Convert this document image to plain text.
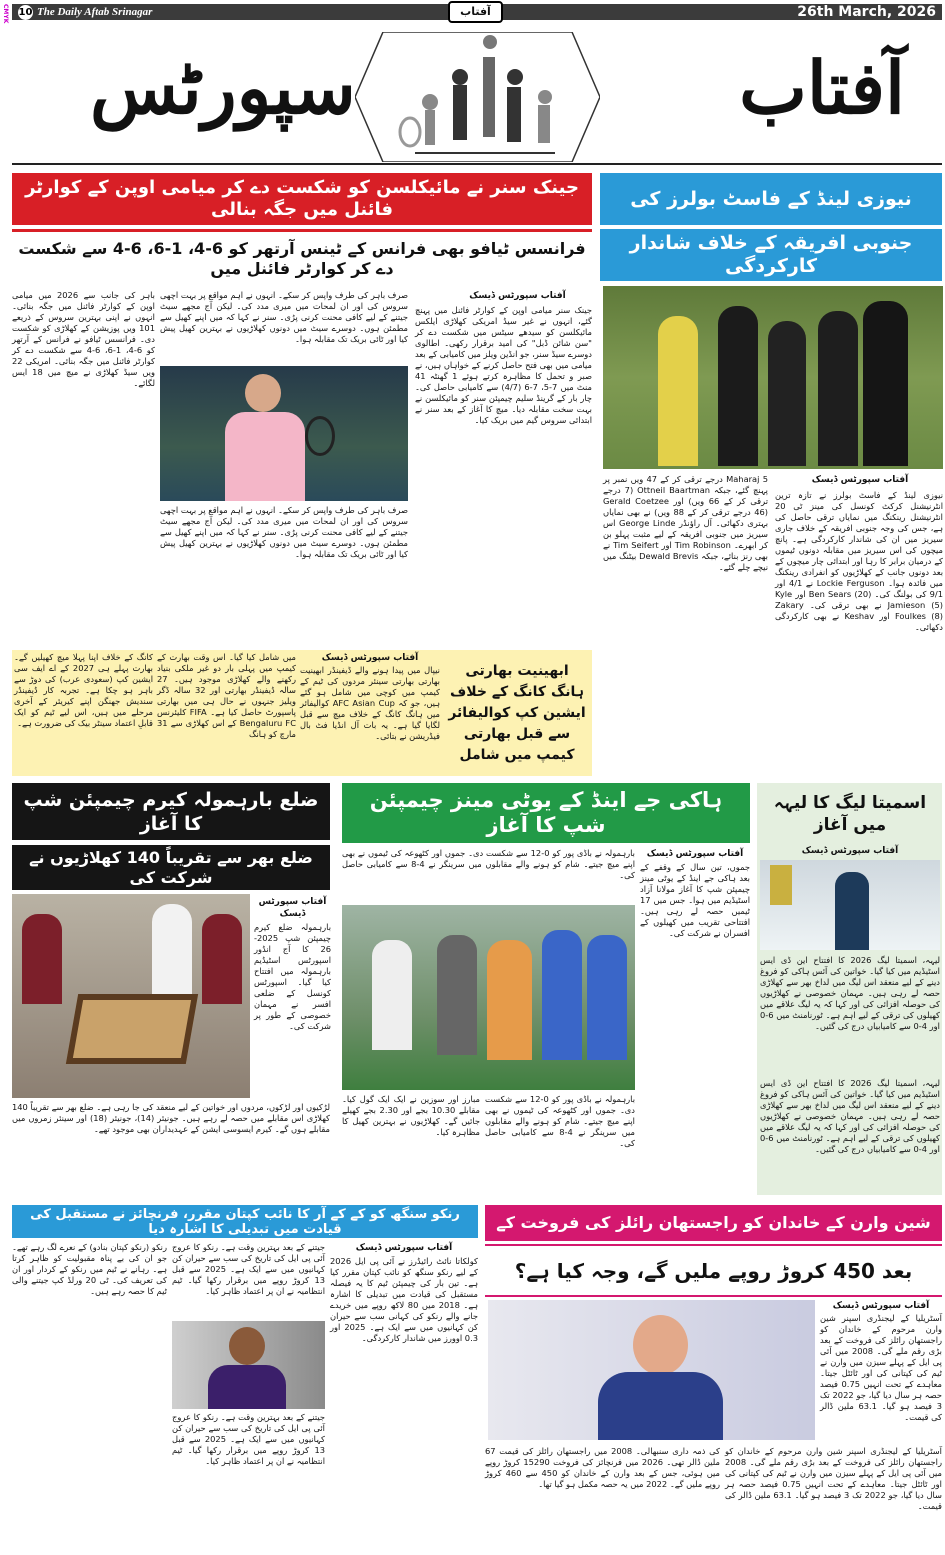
CMYK 10 The Daily Aftab Srinagar	26th March, 2026
آفتاب
آفتاب
سپورٹس
جینک سنر نے مائیکلسن کو شکست دے کر میامی اوپن کے کوارٹر فائنل میں جگہ بنالی
فرانسس ٹیافو بھی فرانس کے ٹینس آرتھر کو 6-4، 1-6، 6-4 سے شکست دے کر کوارٹر فائنل میں
آفتاب سپورٹس ڈیسک
جینک سنر میامی اوپن کے کوارٹر فائنل میں پہنچ گئے، انہوں نے غیر سیڈ امریکی کھلاڑی ایلکس مائیکلسن کو سیدھے سیٹس میں شکست دے کر "سن شائن ڈبل" کی امید برقرار رکھی۔ اطالوی دوسرے سیڈ سنر، جو انڈین ویلز میں کامیابی کے بعد میامی میں بھی فتح حاصل کرنے کے خواہاں ہیں، نے صبر و تحمل کا مظاہرہ کرتے ہوئے 1 گھنٹہ 41 منٹ میں 7-5، 7-6 (4/7) سے کامیابی حاصل کی۔ چار بار کے گرینڈ سلیم چیمپئن سنر کو مائیکلسن نے بہت سخت مقابلہ دیا۔ میچ کا آغاز کے بعد سنر نے ابتدائی سروس گیم میں بریک کیا۔
صرف باہر کی طرف واپس کر سکے۔ انہوں نے اہم مواقع پر بہت اچھی سروس کی اور ان لمحات میں میری مدد کی۔ لیکن آج مجھے سیٹ جیتنے کے لیے کافی محنت کرنی پڑی۔ سنر نے کہا کہ میں اپنے کھیل سے مطمئن ہوں۔ دوسرے سیٹ میں دونوں کھلاڑیوں نے بہترین کھیل پیش کیا اور ٹائی بریک تک مقابلہ ہوا۔
صرف باہر کی طرف واپس کر سکے۔ انہوں نے اہم مواقع پر بہت اچھی سروس کی اور ان لمحات میں میری مدد کی۔ لیکن آج مجھے سیٹ جیتنے کے لیے کافی محنت کرنی پڑی۔ سنر نے کہا کہ میں اپنے کھیل سے مطمئن ہوں۔ دوسرے سیٹ میں دونوں کھلاڑیوں نے بہترین کھیل پیش کیا اور ٹائی بریک تک مقابلہ ہوا۔
باہر کی جانب سے 2026 میں میامی اوپن کے کوارٹر فائنل میں جگہ بنائی۔ انہوں نے اپنی بہترین سروس کے ذریعے 101 ویں پوزیشن کے کھلاڑی کو شکست دی۔ فرانسس ٹیافو نے فرانس کے آرتھر کو 6-4، 1-6، 6-4 سے شکست دے کر کوارٹر فائنل میں جگہ بنائی۔ امریکی 22 ویں سیڈ کھلاڑی نے میچ میں 18 ایس لگائے۔
نیوزی لینڈ کے فاسٹ بولرز کی
جنوبی افریقہ کے خلاف شاندار کارکردگی
آفتاب سپورٹس ڈیسک
نیوزی لینڈ کے فاسٹ بولرز نے تازہ ترین انٹرنیشنل کرکٹ کونسل کی مینز ٹی 20 انٹرنیشنل رینکنگ میں نمایاں ترقی حاصل کی ہے، جس کی وجہ جنوبی افریقہ کے خلاف جاری سیریز میں ان کی شاندار کارکردگی ہے۔ پانچ میچوں کی اس سیریز میں مقابلہ دونوں ٹیموں کے درمیان برابر کا رہا اور ابتدائی چار میچوں کے بعد دونوں جانب کے کھلاڑیوں کو انفرادی رینکنگ میں فائدہ ہوا۔ Lockie Ferguson نے 4/1 اور 9/1 کی بولنگ کی۔ Ben Sears (20) اور Kyle Jamieson (5) نے بھی ترقی کی۔ Zakary Foulkes (8) اور Keshav نے بھی کارکردگی دکھائی۔
Maharaj 5 درجے ترقی کر کے 47 ویں نمبر پر پہنچ گئے، جبکہ Ottneil Baartman (7 درجے ترقی کر کے 66 ویں) اور Gerald Coetzee (46 درجے ترقی کر کے 88 ویں) نے بھی نمایاں بہتری دکھائی۔ آل راؤنڈر George Linde اس سیریز میں جنوبی افریقہ کے لیے مثبت پہلو بن کر ابھرے۔ Tim Robinson اور Tim Seifert نے بھی رنز بنائے، جبکہ Dewald Brevis بیٹنگ میں نیچے چلے گئے۔
ابھینیت بھارتی ہانگ کانگ کے خلاف ایشین کپ کوالیفائر سے قبل بھارتی کیمپ میں شامل
آفتاب سپورٹس ڈیسک
نیپال میں پیدا ہونے والے ڈیفینڈر ابھینیت بھارتی بھارتی سینئر مردوں کی ٹیم کے کیمپ میں کوچی میں شامل ہو گئے ہیں، جو کہ AFC Asian Cup کوالیفائر میں ہانگ کانگ کے خلاف میچ سے قبل لگایا گیا ہے۔ یہ بات آل انڈیا فٹ بال فیڈریشن نے بتائی۔
میں شامل کیا گیا۔ اس وقت بھارت کے کیمپ میں پہلی بار دو غیر ملکی بنیاد رکھنے والے کھلاڑی موجود ہیں۔ 27 سالہ ڈیفینڈر بھارتی اور 32 سالہ ڈگر ویلیز جنہوں نے حال ہی میں بھارتی پاسپورٹ حاصل کیا ہے۔ FIFA کلیئرنس Bengaluru FC کے اس کھلاڑی سے 31 مارچ کو ہانگ
کانگ کے خلاف اپنا پہلا میچ کھیلیں گے۔ بھارت پہلے ہی 2027 کے اے ایف سی ایشین کپ (سعودی عرب) کی دوڑ سے باہر ہو چکا ہے۔ تجربہ کار ڈیفینڈر سندیش جھنگن اپنے کیریئر کے آخری مرحلے میں ہیں، اس لیے ٹیم کو ایک قابلِ اعتماد سینٹر بیک کی ضرورت ہے۔
ضلع بارہمولہ کیرم چیمپئن شپ کا آغاز
ضلع بھر سے تقریباً 140 کھلاڑیوں نے شرکت کی
آفتاب سپورٹس ڈیسک
بارہمولہ ضلع کیرم چیمپئن شپ 2025-26 کا آج انڈور اسپورٹس اسٹیڈیم بارہمولہ میں افتتاح کیا گیا۔ اسپورٹس کونسل کے ضلعی افسر نے مہمان خصوصی کے طور پر شرکت کی۔
لڑکیوں اور لڑکوں، مردوں اور خواتین کے لیے منعقد کی جا رہی ہے۔ ضلع بھر سے تقریباً 140 کھلاڑی اس مقابلے میں حصہ لے رہے ہیں۔ جونیئر (14)، جونیئر (18) اور سینئر زمروں میں مقابلے ہوں گے۔ کیرم ایسوسی ایشن کے عہدیداران بھی موجود تھے۔
ہاکی جے اینڈ کے یوٹی مینز چیمپئن شپ کا آغاز
آفتاب سپورٹس ڈیسک
جموں، تین سال کے وقفے کے بعد ہاکی جے اینڈ کے یوٹی مینز چیمپئن شپ کا آغاز مولانا آزاد اسٹیڈیم میں ہوا۔ جس میں 17 ٹیمیں حصہ لے رہی ہیں۔ افتتاحی تقریب میں کھیلوں کے افسران نے شرکت کی۔
بارہمولہ نے باڈی پور کو 0-12 سے شکست دی۔ جموں اور کٹھوعہ کی ٹیموں نے بھی اپنے میچ جیتے۔ شام کو ہونے والے مقابلوں میں سرینگر نے 4-8 سے کامیابی حاصل کی۔
مبارز اور سوزین نے ایک ایک گول کیا۔ مقابلے 10.30 بجے اور 2.30 بجے کھیلے جائیں گے۔ کھلاڑیوں نے بہترین کھیل کا مظاہرہ کیا۔
بارہمولہ نے باڈی پور کو 0-12 سے شکست دی۔ جموں اور کٹھوعہ کی ٹیموں نے بھی اپنے میچ جیتے۔ شام کو ہونے والے مقابلوں میں سرینگر نے 4-8 سے کامیابی حاصل کی۔
اسمیتا لیگ کا لیہہ میں آغاز
آفتاب سپورٹس ڈیسک
لیہہ، اسمیتا لیگ 2026 کا افتتاح این ڈی ایس اسٹیڈیم میں کیا گیا۔ خواتین کی آئس ہاکی کو فروغ دینے کے لیے منعقد اس لیگ میں لداخ بھر سے کھلاڑی حصہ لے رہی ہیں۔ مہمان خصوصی نے کھلاڑیوں کی حوصلہ افزائی کی اور کہا کہ یہ لیگ علاقے میں کھیلوں کی ترقی کے لیے اہم ہے۔ ٹورنامنٹ میں 6-0 اور 4-0 سے کامیابیاں درج کی گئیں۔
لیہہ، اسمیتا لیگ 2026 کا افتتاح این ڈی ایس اسٹیڈیم میں کیا گیا۔ خواتین کی آئس ہاکی کو فروغ دینے کے لیے منعقد اس لیگ میں لداخ بھر سے کھلاڑی حصہ لے رہی ہیں۔ مہمان خصوصی نے کھلاڑیوں کی حوصلہ افزائی کی اور کہا کہ یہ لیگ علاقے میں کھیلوں کی ترقی کے لیے اہم ہے۔ ٹورنامنٹ میں 6-0 اور 4-0 سے کامیابیاں درج کی گئیں۔
رنکو سنگھ کو کے کے آر کا نائب کپتان مقرر، فرنچائز نے مستقبل کی قیادت میں تبدیلی کا اشارہ دیا
آفتاب سپورٹس ڈیسک
کولکاتا نائٹ رائیڈرز نے آئی پی ایل 2026 کے لیے رنکو سنگھ کو نائب کپتان مقرر کیا ہے۔ تین بار کی چیمپئن ٹیم کا یہ فیصلہ مستقبل کی قیادت میں تبدیلی کا اشارہ ہے۔ 2018 میں 80 لاکھ روپے میں خریدے جانے والے رنکو کی کہانی سب سے حیران کن کہانیوں میں سے ایک ہے۔ 2025 اور 0.3 اوورز میں شاندار کارکردگی۔
جیتنے کے بعد بہترین وقت ہے۔ رنکو کا عروج آئی پی ایل کی تاریخ کی سب سے حیران کن کہانیوں میں سے ایک ہے۔ 2025 سے قبل 13 کروڑ روپے میں برقرار رکھا گیا۔ ٹیم انتظامیہ نے ان پر اعتماد ظاہر کیا۔
جیتنے کے بعد بہترین وقت ہے۔ رنکو کا عروج آئی پی ایل کی تاریخ کی سب سے حیران کن کہانیوں میں سے ایک ہے۔ 2025 سے قبل 13 کروڑ روپے میں برقرار رکھا گیا۔ ٹیم انتظامیہ نے ان پر اعتماد ظاہر کیا۔
رنکو (رنکو کپتان بنادو) کے نعرے لگ رہے تھے۔ جو ان کی بے پناہ مقبولیت کو ظاہر کرتا ہے۔ رہانے نے ٹیم میں رنکو کے کردار اور ان کی تعریف کی۔ ٹی 20 ورلڈ کپ جیتنے والی ٹیم کا حصہ رہے ہیں۔
شین وارن کے خاندان کو راجستھان رائلز کی فروخت کے
بعد 450 کروڑ روپے ملیں گے، وجہ کیا ہے؟
آفتاب سپورٹس ڈیسک
آسٹریلیا کے لیجنڈری اسپنر شین وارن مرحوم کے خاندان کو راجستھان رائلز کی فروخت کے بعد بڑی رقم ملے گی۔ 2008 میں آئی پی ایل کے پہلے سیزن میں وارن نے ٹیم کی کپتانی کی اور ٹائٹل جیتا۔ معاہدے کے تحت انہیں 0.75 فیصد حصہ ہر سال دیا گیا، جو 2022 تک 3 فیصد ہو گیا۔ 63.1 ملین ڈالر کی قیمت۔
آسٹریلیا کے لیجنڈری اسپنر شین وارن مرحوم کے خاندان کو راجستھان رائلز کی فروخت کے بعد بڑی رقم ملے گی۔ 2008 میں آئی پی ایل کے پہلے سیزن میں وارن نے ٹیم کی کپتانی کی اور ٹائٹل جیتا۔ معاہدے کے تحت انہیں 0.75 فیصد حصہ ہر سال دیا گیا، جو 2022 تک 3 فیصد ہو گیا۔ 63.1 ملین ڈالر کی قیمت۔
کی ذمہ داری سنبھالی۔ 2008 میں راجستھان رائلز کی قیمت 67 ملین ڈالر تھی۔ 2026 میں فرنچائز کی فروخت 15290 کروڑ روپے میں ہوئی، جس کے بعد وارن کے خاندان کو 450 سے 460 کروڑ روپے ملیں گے۔ 2022 میں یہ حصہ مکمل ہو گیا تھا۔
